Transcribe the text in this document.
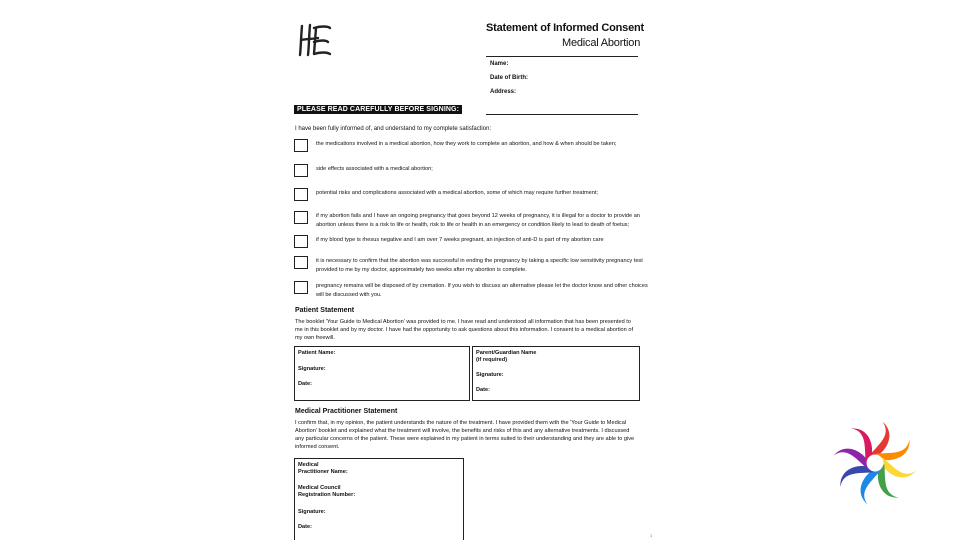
Statement of Informed Consent
Medical Abortion
Name:
Date of Birth:
Address:
PLEASE READ CAREFULLY BEFORE SIGNING:
I have been fully informed of, and understand to my complete satisfaction:
the medications involved in a medical abortion, how they work to complete an abortion, and how & when should be taken;
side effects associated with a medical abortion;
potential risks and complications associated with a medical abortion, some of which may require further treatment;
if my abortion fails and I have an ongoing pregnancy that goes beyond 12 weeks of pregnancy, it is illegal for a doctor to provide an abortion unless there is a risk to life or health, risk to life or health in an emergency or condition likely to lead to death of foetus;
if my blood type is rhesus negative and I am over 7 weeks pregnant, an injection of anti-D is part of my abortion care
it is necessary to confirm that the abortion was successful in ending the pregnancy by taking a specific low sensitivity pregnancy test provided to me by my doctor, approximately two weeks after my abortion is complete.
pregnancy remains will be disposed of by cremation. If you wish to discuss an alternative please let the doctor know and other choices will be discussed with you.
Patient Statement
The booklet 'Your Guide to Medical Abortion' was provided to me. I have read and understood all information that has been presented to me in this booklet and by my doctor. I have had the opportunity to ask questions about this information. I consent to a medical abortion of my own freewill.
Patient Name:
Signature:
Date:
Parent/Guardian Name
(if required)
Signature:
Date:
Medical Practitioner Statement
I confirm that, in my opinion, the patient understands the nature of the treatment. I have provided them with the 'Your Guide to Medical Abortion' booklet and explained what the treatment will involve, the benefits and risks of this and any alternative treatments. I discussed any particular concerns of the patient. These were explained in my patient in terms suited to their understanding and they are able to give informed consent.
Medical
Practitioner Name:
Medical Council
Registration Number:
Signature:
Date:
1
